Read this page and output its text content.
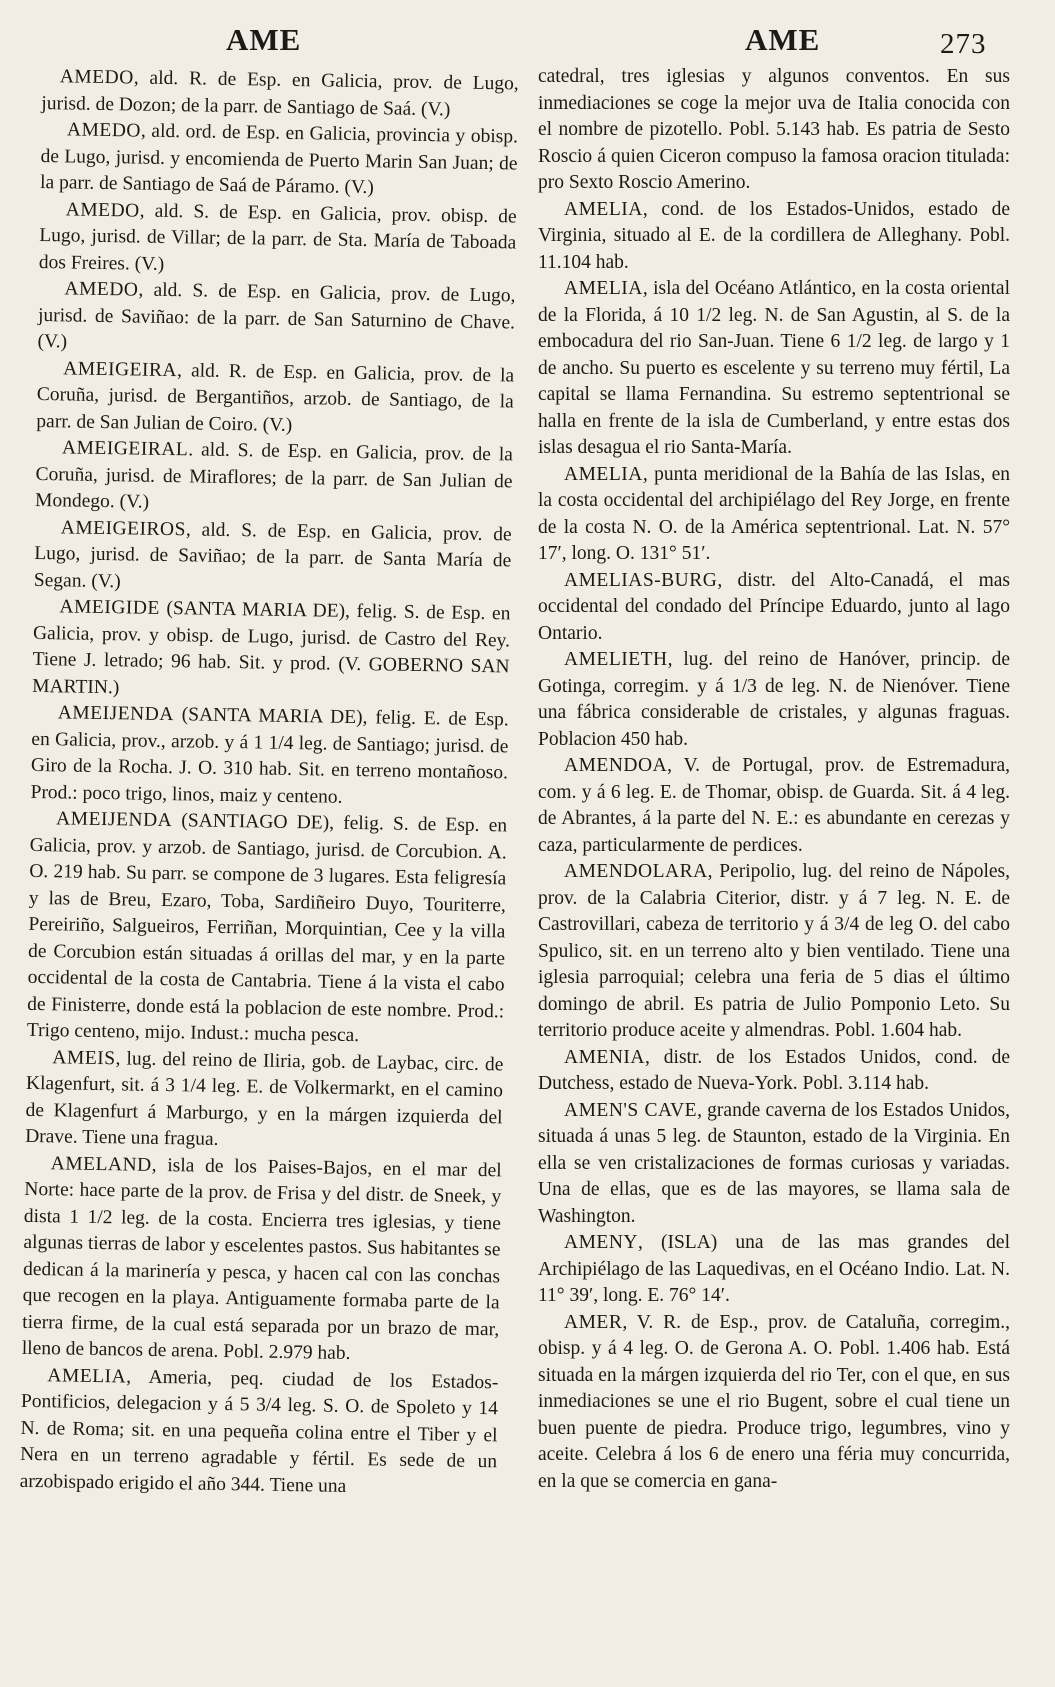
AME	AME	273

AMEDO, ald. R. de Esp. en Galicia, prov. de Lugo, jurisd. de Dozon; de la parr. de Santiago de Saá. (V.)

AMEDO, ald. ord. de Esp. en Galicia, provincia y obisp. de Lugo, jurisd. y encomienda de Puerto Marin San Juan; de la parr. de Santiago de Saá de Páramo. (V.)

AMEDO, ald. S. de Esp. en Galicia, prov. obisp. de Lugo, jurisd. de Villar; de la parr. de Sta. María de Taboada dos Freires. (V.)

AMEDO, ald. S. de Esp. en Galicia, prov. de Lugo, jurisd. de Saviñao: de la parr. de San Saturnino de Chave. (V.)

AMEIGEIRA, ald. R. de Esp. en Galicia, prov. de la Coruña, jurisd. de Bergantiños, arzob. de Santiago, de la parr. de San Julian de Coiro. (V.)

AMEIGEIRAL. ald. S. de Esp. en Galicia, prov. de la Coruña, jurisd. de Miraflores; de la parr. de San Julian de Mondego. (V.)

AMEIGEIROS, ald. S. de Esp. en Galicia, prov. de Lugo, jurisd. de Saviñao; de la parr. de Santa María de Segan. (V.)

AMEIGIDE (SANTA MARIA DE), felig. S. de Esp. en Galicia, prov. y obisp. de Lugo, jurisd. de Castro del Rey. Tiene J. letrado; 96 hab. Sit. y prod. (V. GOBERNO SAN MARTIN.)

AMEIJENDA (SANTA MARIA DE), felig. E. de Esp. en Galicia, prov., arzob. y á 1 1/4 leg. de Santiago; jurisd. de Giro de la Rocha. J. O. 310 hab. Sit. en terreno montañoso. Prod.: poco trigo, linos, maiz y centeno.

AMEIJENDA (SANTIAGO DE), felig. S. de Esp. en Galicia, prov. y arzob. de Santiago, jurisd. de Corcubion. A. O. 219 hab. Su parr. se compone de 3 lugares. Esta feligresía y las de Breu, Ezaro, Toba, Sardiñeiro Duyo, Touriterre, Pereiriño, Salgueiros, Ferriñan, Morquintian, Cee y la villa de Corcubion están situadas á orillas del mar, y en la parte occidental de la costa de Cantabria. Tiene á la vista el cabo de Finisterre, donde está la poblacion de este nombre. Prod.: Trigo centeno, mijo. Indust.: mucha pesca.

AMEIS, lug. del reino de Iliria, gob. de Laybac, circ. de Klagenfurt, sit. á 3 1/4 leg. E. de Volkermarkt, en el camino de Klagenfurt á Marburgo, y en la márgen izquierda del Drave. Tiene una fragua.

AMELAND, isla de los Paises-Bajos, en el mar del Norte: hace parte de la prov. de Frisa y del distr. de Sneek, y dista 1 1/2 leg. de la costa. Encierra tres iglesias, y tiene algunas tierras de labor y escelentes pastos. Sus habitantes se dedican á la marinería y pesca, y hacen cal con las conchas que recogen en la playa. Antiguamente formaba parte de la tierra firme, de la cual está separada por un brazo de mar, lleno de bancos de arena. Pobl. 2.979 hab.

AMELIA, Ameria, peq. ciudad de los Estados-Pontificios, delegacion y á 5 3/4 leg. S. O. de Spoleto y 14 N. de Roma; sit. en una pequeña colina entre el Tiber y el Nera en un terreno agradable y fértil. Es sede de un arzobispado erigido el año 344. Tiene una

catedral, tres iglesias y algunos conventos. En sus inmediaciones se coge la mejor uva de Italia conocida con el nombre de pizotello. Pobl. 5.143 hab. Es patria de Sesto Roscio á quien Ciceron compuso la famosa oracion titulada: pro Sexto Roscio Amerino.

AMELIA, cond. de los Estados-Unidos, estado de Virginia, situado al E. de la cordillera de Alleghany. Pobl. 11.104 hab.

AMELIA, isla del Océano Atlántico, en la costa oriental de la Florida, á 10 1/2 leg. N. de San Agustin, al S. de la embocadura del rio San-Juan. Tiene 6 1/2 leg. de largo y 1 de ancho. Su puerto es escelente y su terreno muy fértil, La capital se llama Fernandina. Su estremo septentrional se halla en frente de la isla de Cumberland, y entre estas dos islas desagua el rio Santa-María.

AMELIA, punta meridional de la Bahía de las Islas, en la costa occidental del archipiélago del Rey Jorge, en frente de la costa N. O. de la América septentrional. Lat. N. 57° 17′, long. O. 131° 51′.

AMELIAS-BURG, distr. del Alto-Canadá, el mas occidental del condado del Príncipe Eduardo, junto al lago Ontario.

AMELIETH, lug. del reino de Hanóver, princip. de Gotinga, corregim. y á 1/3 de leg. N. de Nienóver. Tiene una fábrica considerable de cristales, y algunas fraguas. Poblacion 450 hab.

AMENDOA, V. de Portugal, prov. de Estremadura, com. y á 6 leg. E. de Thomar, obisp. de Guarda. Sit. á 4 leg. de Abrantes, á la parte del N. E.: es abundante en cerezas y caza, particularmente de perdices.

AMENDOLARA, Peripolio, lug. del reino de Nápoles, prov. de la Calabria Citerior, distr. y á 7 leg. N. E. de Castrovillari, cabeza de territorio y á 3/4 de leg O. del cabo Spulico, sit. en un terreno alto y bien ventilado. Tiene una iglesia parroquial; celebra una feria de 5 dias el último domingo de abril. Es patria de Julio Pomponio Leto. Su territorio produce aceite y almendras. Pobl. 1.604 hab.

AMENIA, distr. de los Estados Unidos, cond. de Dutchess, estado de Nueva-York. Pobl. 3.114 hab.

AMEN'S CAVE, grande caverna de los Estados Unidos, situada á unas 5 leg. de Staunton, estado de la Virginia. En ella se ven cristalizaciones de formas curiosas y variadas. Una de ellas, que es de las mayores, se llama sala de Washington.

AMENY, (ISLA) una de las mas grandes del Archipiélago de las Laquedivas, en el Océano Indio. Lat. N. 11° 39′, long. E. 76° 14′.

AMER, V. R. de Esp., prov. de Cataluña, corregim., obisp. y á 4 leg. O. de Gerona A. O. Pobl. 1.406 hab. Está situada en la márgen izquierda del rio Ter, con el que, en sus inmediaciones se une el rio Bugent, sobre el cual tiene un buen puente de piedra. Produce trigo, legumbres, vino y aceite. Celebra á los 6 de enero una féria muy concurrida, en la que se comercia en gana-
